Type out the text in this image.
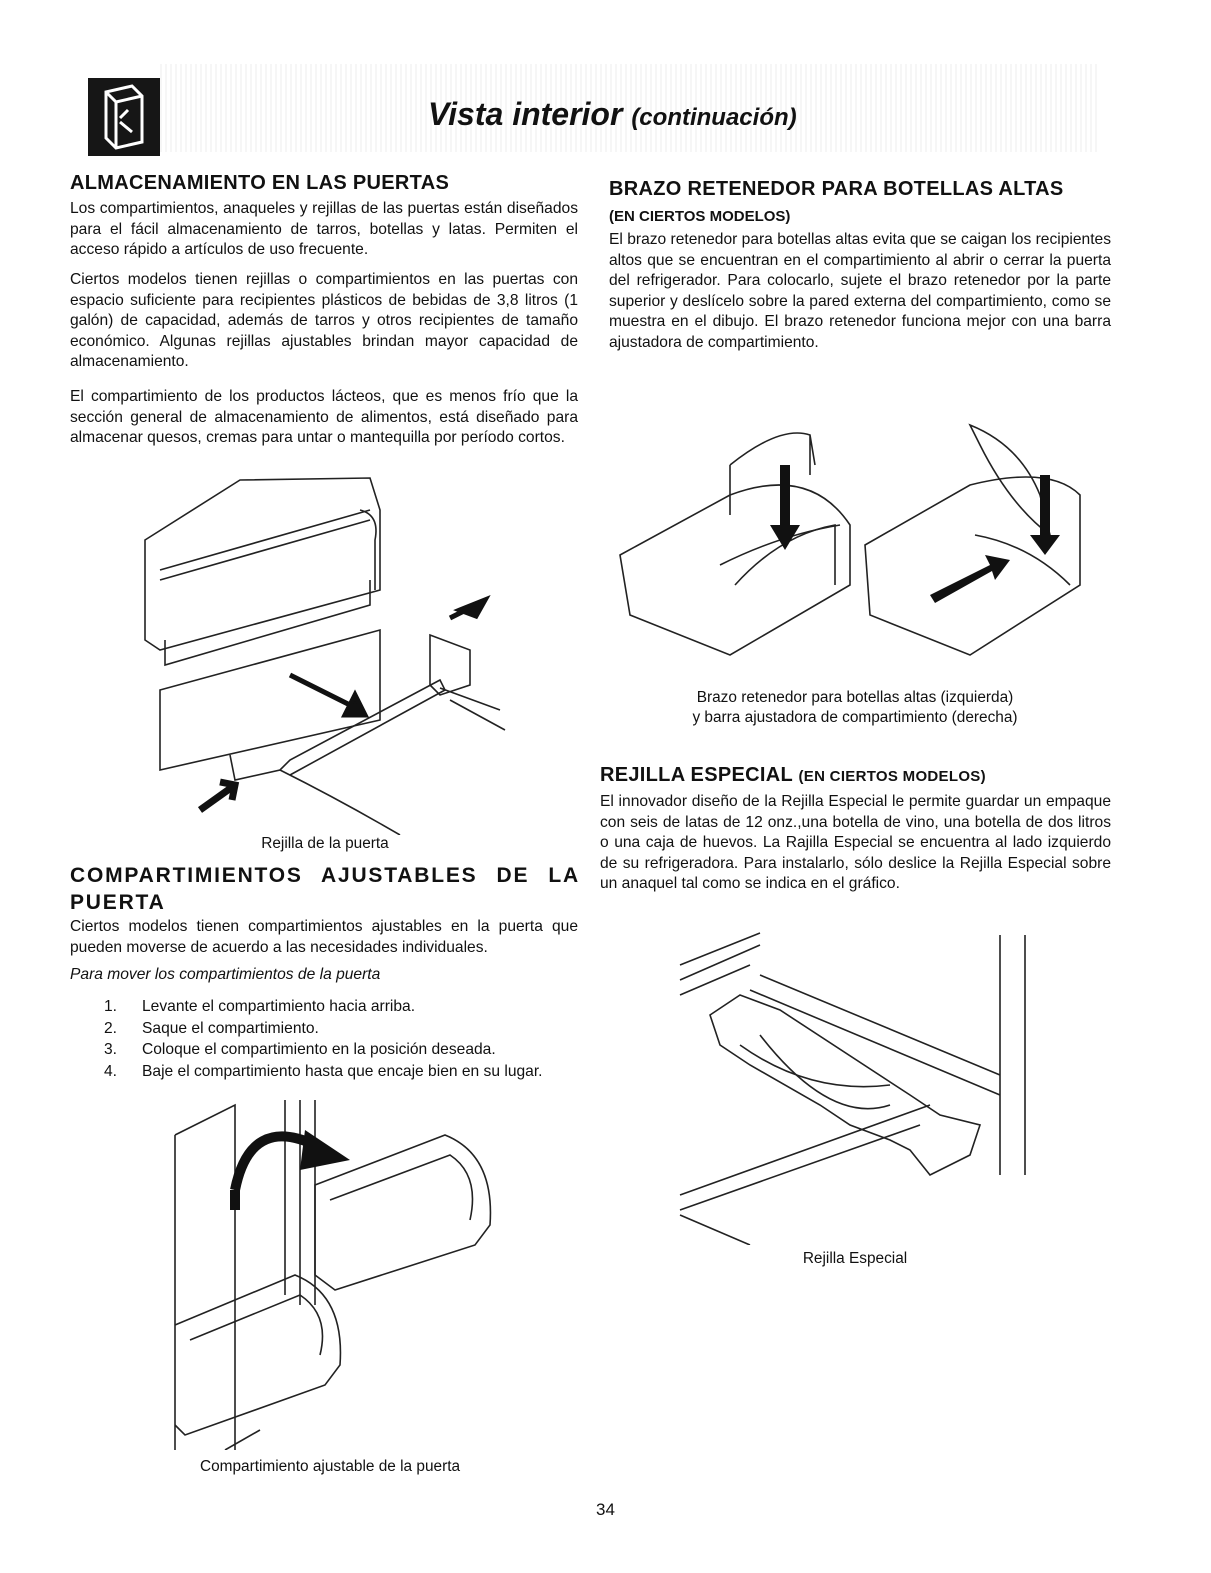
Vista interior (continuación)
ALMACENAMIENTO EN LAS PUERTAS

Los compartimientos, anaqueles y rejillas de las puertas están diseñados para el fácil almacenamiento de tarros, botellas y latas. Permiten el acceso rápido a artículos de uso frecuente.

Ciertos modelos tienen rejillas o compartimientos en las puertas con espacio suficiente para recipientes plásticos de bebidas de 3,8 litros (1 galón) de capacidad, además de tarros y otros recipientes de tamaño económico. Algunas rejillas ajustables brindan mayor capacidad de almacenamiento.

El compartimiento de los productos lácteos, que es menos frío que la sección general de almacenamiento de alimentos, está diseñado para almacenar quesos, cremas para untar o mantequilla por período cortos.

Rejilla de la puerta
COMPARTIMIENTOS AJUSTABLES DE LA
PUERTA

Ciertos modelos tienen compartimientos ajustables en la puerta que pueden moverse de acuerdo a las necesidades individuales.

Para mover los compartimientos de la puerta
1. Levante el compartimiento hacia arriba.
2. Saque el compartimiento.
3. Coloque el compartimiento en la posición deseada.
4. Baje el compartimiento hasta que encaje bien en su lugar.
Compartimiento ajustable de la puerta
BRAZO RETENEDOR PARA BOTELLAS ALTAS
(EN CIERTOS MODELOS)

El brazo retenedor para botellas altas evita que se caigan los recipientes altos que se encuentran en el compartimiento al abrir o cerrar la puerta del refrigerador. Para colocarlo, sujete el brazo retenedor por la parte superior y deslícelo sobre la pared externa del compartimiento, como se muestra en el dibujo. El brazo retenedor funciona mejor con una barra ajustadora de compartimiento.

Brazo retenedor para botellas altas (izquierda)
y barra ajustadora de compartimiento (derecha)
REJILLA ESPECIAL (EN CIERTOS MODELOS)

El innovador diseño de la Rejilla Especial le permite guardar un empaque con seis de latas de 12 onz.,una botella de vino, una botella de dos litros o una caja de huevos. La Rajilla Especial se encuentra al lado izquierdo de su refrigeradora. Para instalarlo, sólo deslice la Rejilla Especial sobre un anaquel tal como se indica en el gráfico.

Rejilla Especial
34
